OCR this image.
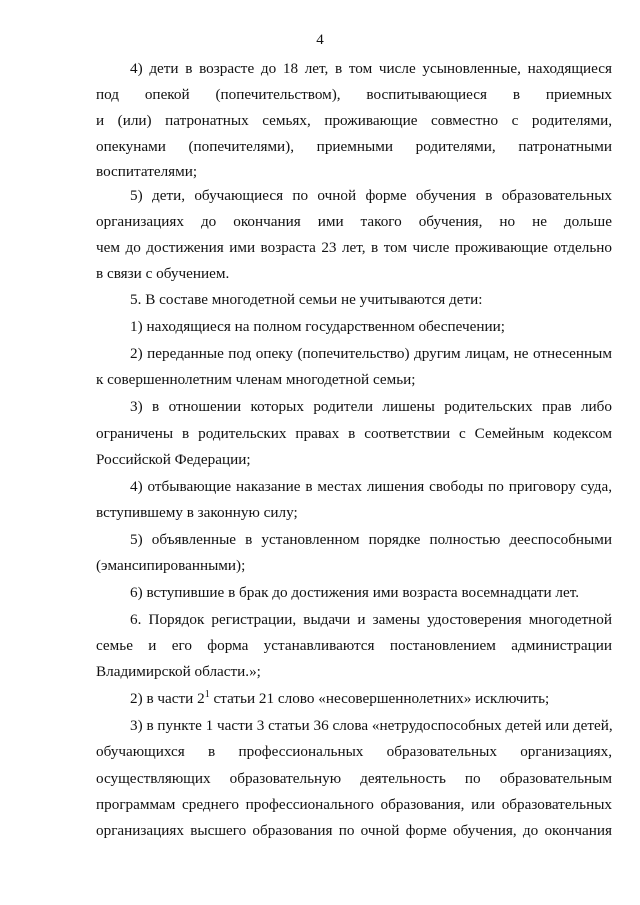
4
4) дети в возрасте до 18 лет, в том числе усыновленные, находящиеся
под опекой (попечительством), воспитывающиеся в приемных
и (или) патронатных семьях, проживающие совместно с родителями,
опекунами (попечителями), приемными родителями, патронатными
воспитателями;
5) дети, обучающиеся по очной форме обучения в образовательных
организациях до окончания ими такого обучения, но не дольше
чем до достижения ими возраста 23 лет, в том числе проживающие отдельно
в связи с обучением.
5. В составе многодетной семьи не учитываются дети:
1) находящиеся на полном государственном обеспечении;
2) переданные под опеку (попечительство) другим лицам, не отнесенным
к совершеннолетним членам многодетной семьи;
3) в отношении которых родители лишены родительских прав либо
ограничены в родительских правах в соответствии с Семейным кодексом
Российской Федерации;
4) отбывающие наказание в местах лишения свободы по приговору суда,
вступившему в законную силу;
5) объявленные в установленном порядке полностью дееспособными
(эмансипированными);
6) вступившие в брак до достижения ими возраста восемнадцати лет.
6. Порядок регистрации, выдачи и замены удостоверения многодетной
семье и его форма устанавливаются постановлением администрации
Владимирской области.»;
2) в части $2^1$ статьи 21 слово «несовершеннолетних» исключить;
3) в пункте 1 части 3 статьи 36 слова «нетрудоспособных детей или детей,
обучающихся в профессиональных образовательных организациях,
осуществляющих образовательную деятельность по образовательным
программам среднего профессионального образования, или образовательных
организациях высшего образования по очной форме обучения, до окончания
